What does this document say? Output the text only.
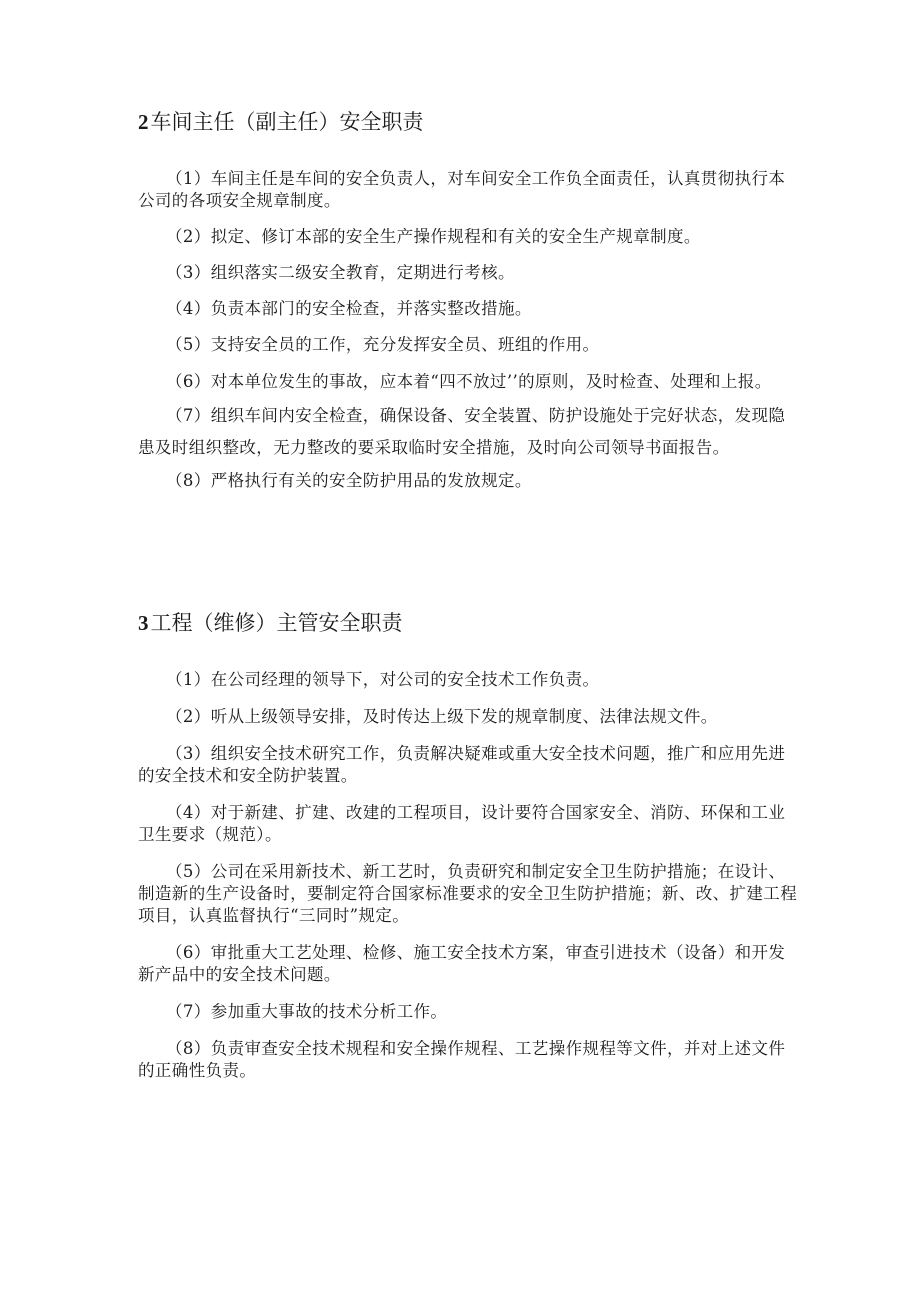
2车间主任（副主任）安全职责

（1）车间主任是车间的安全负责人，对车间安全工作负全面责任，认真贯彻执行本公司的各项安全规章制度。

（2）拟定、修订本部的安全生产操作规程和有关的安全生产规章制度。

（3）组织落实二级安全教育，定期进行考核。

（4）负责本部门的安全检查，并落实整改措施。

（5）支持安全员的工作，充分发挥安全员、班组的作用。

（6）对本单位发生的事故，应本着“四不放过’’的原则，及时检查、处理和上报。

（7）组织车间内安全检查，确保设备、安全装置、防护设施处于完好状态，发现隐患及时组织整改，无力整改的要采取临时安全措施，及时向公司领导书面报告。

（8）严格执行有关的安全防护用品的发放规定。

3工程（维修）主管安全职责

（1）在公司经理的领导下，对公司的安全技术工作负责。

（2）听从上级领导安排，及时传达上级下发的规章制度、法律法规文件。

（3）组织安全技术研究工作，负责解决疑难或重大安全技术问题，推广和应用先进的安全技术和安全防护装置。

（4）对于新建、扩建、改建的工程项目，设计要符合国家安全、消防、环保和工业卫生要求（规范）。

（5）公司在采用新技术、新工艺时，负责研究和制定安全卫生防护措施；在设计、制造新的生产设备时，要制定符合国家标准要求的安全卫生防护措施；新、改、扩建工程项目，认真监督执行“三同时”规定。

（6）审批重大工艺处理、检修、施工安全技术方案，审查引进技术（设备）和开发新产品中的安全技术问题。

（7）参加重大事故的技术分析工作。

（8）负责审查安全技术规程和安全操作规程、工艺操作规程等文件，并对上述文件的正确性负责。
